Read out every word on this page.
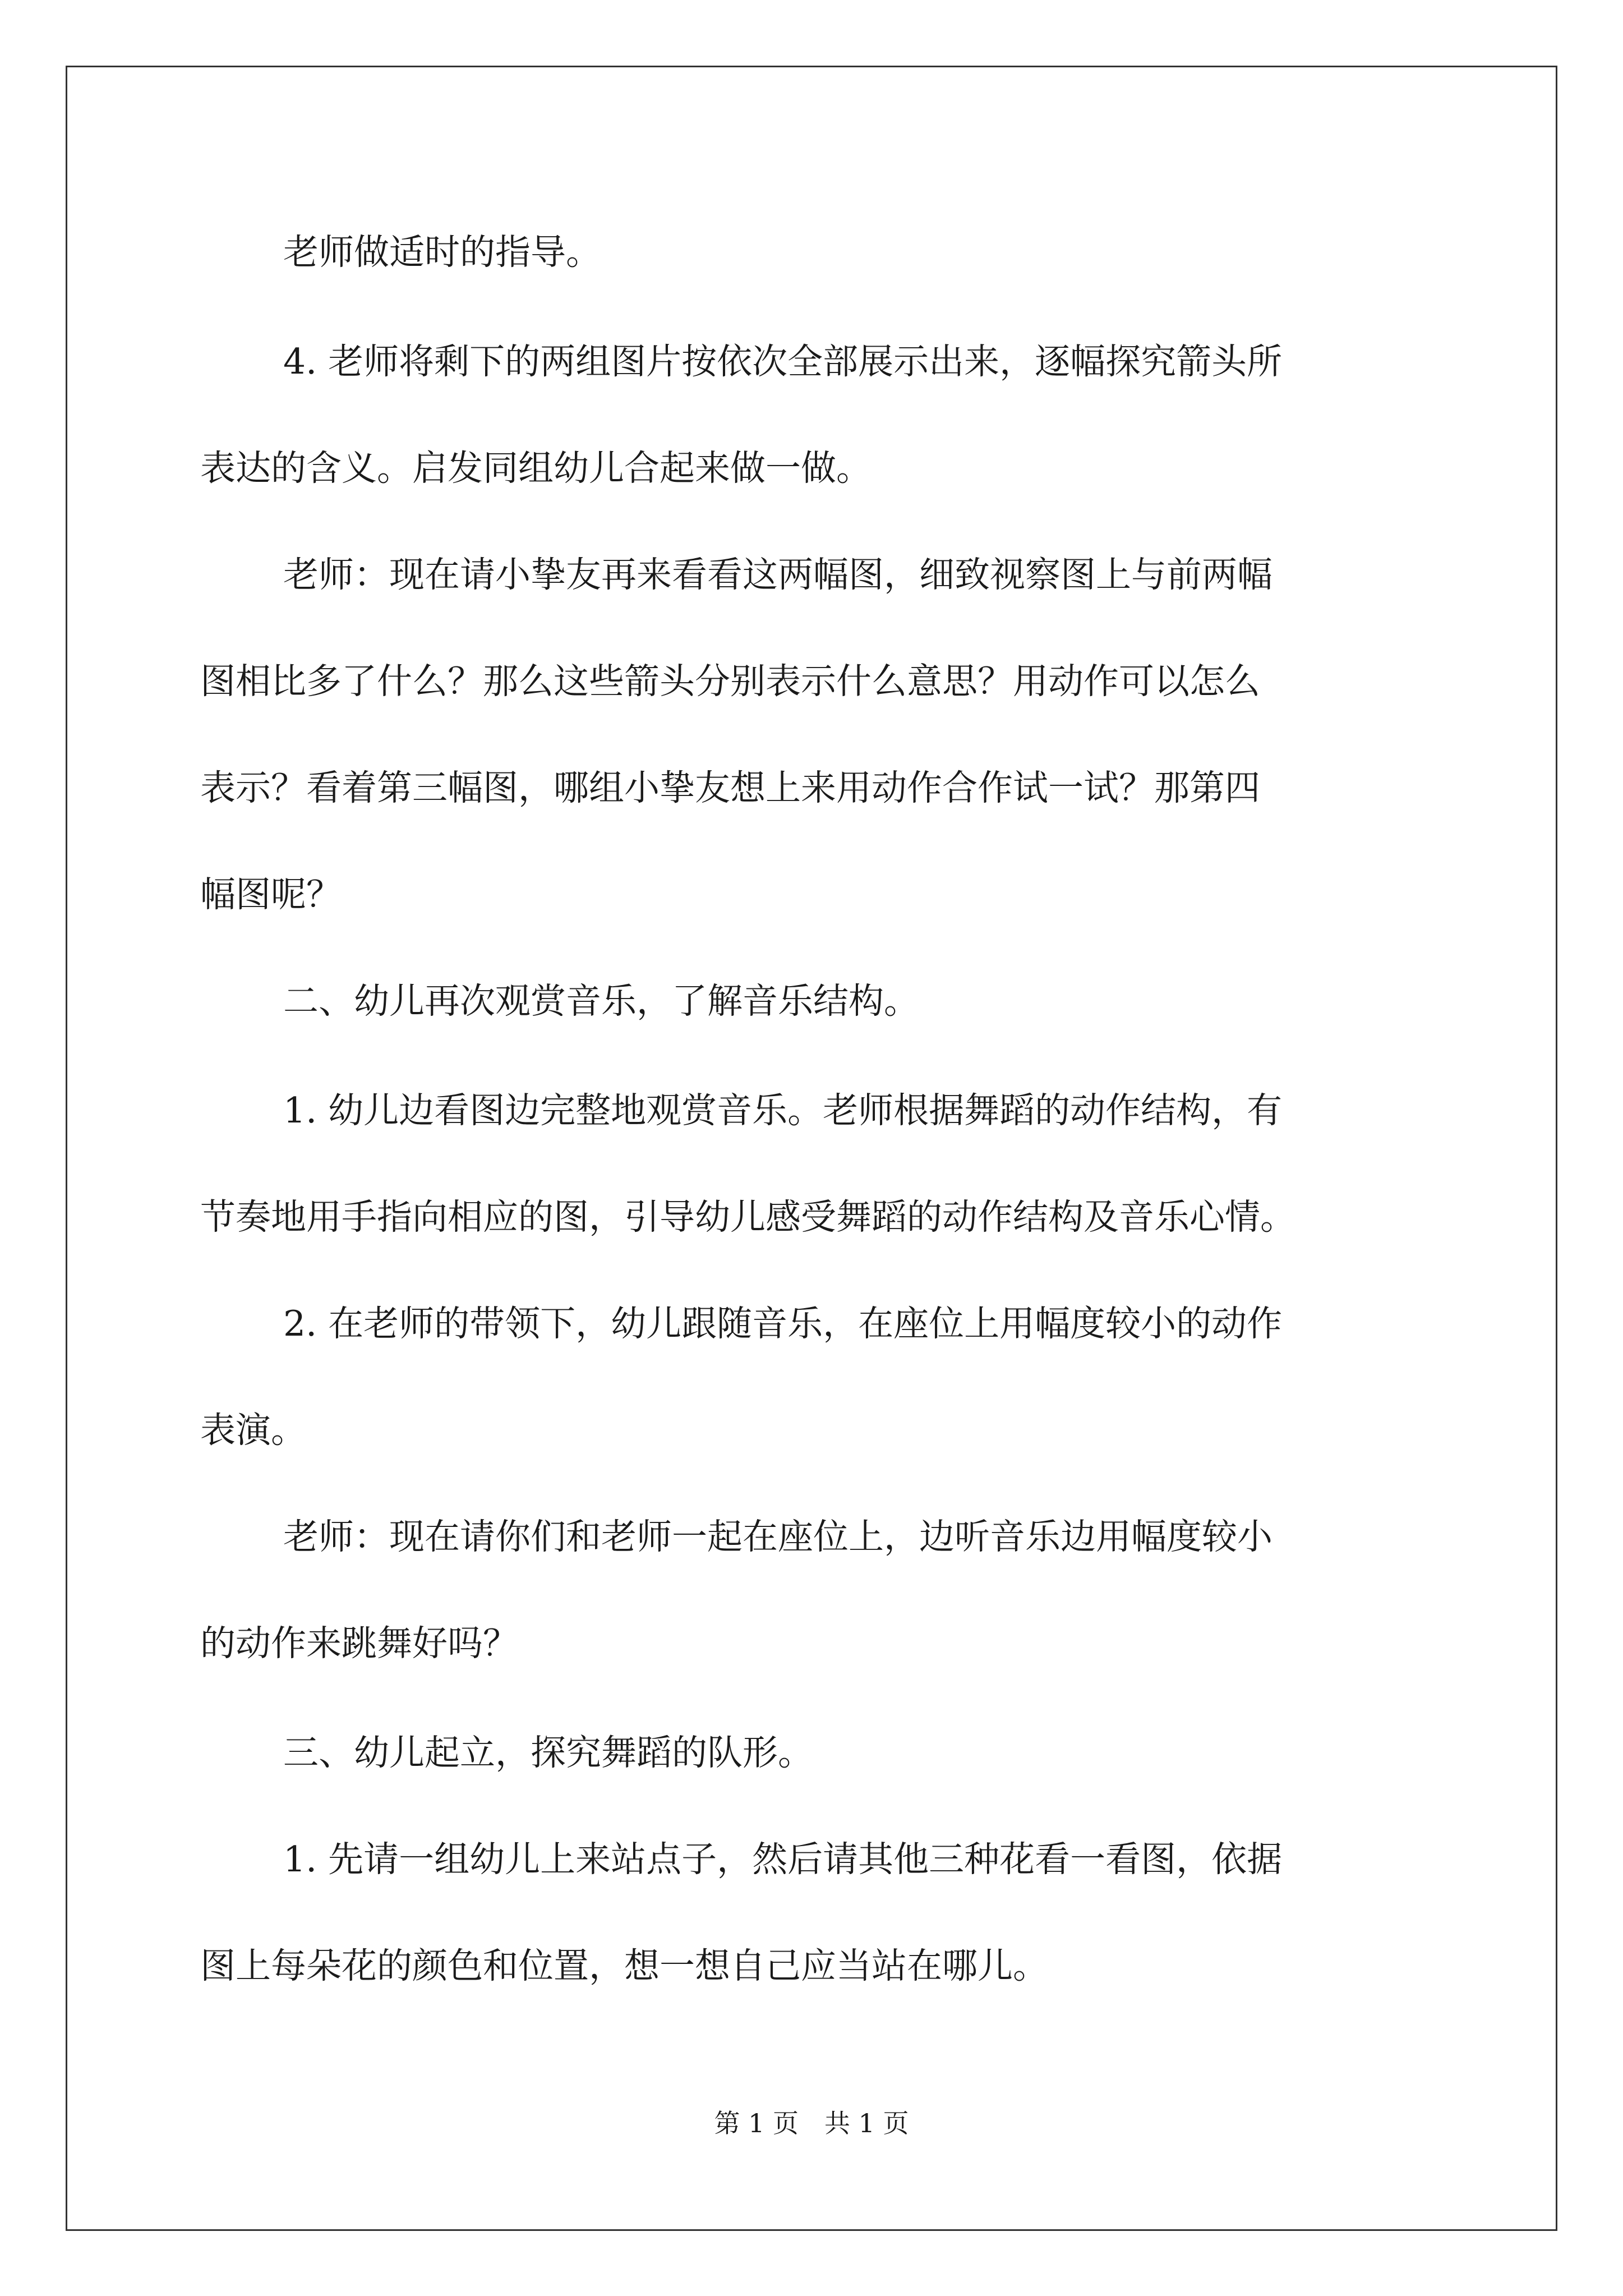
老师做适时的指导。

4. 老师将剩下的两组图片按依次全部展示出来，逐幅探究箭头所

表达的含义。启发同组幼儿合起来做一做。

老师：现在请小挚友再来看看这两幅图，细致视察图上与前两幅

图相比多了什么？那么这些箭头分别表示什么意思？用动作可以怎么

表示？看着第三幅图，哪组小挚友想上来用动作合作试一试？那第四

幅图呢？

二、幼儿再次观赏音乐，了解音乐结构。

1. 幼儿边看图边完整地观赏音乐。老师根据舞蹈的动作结构，有

节奏地用手指向相应的图，引导幼儿感受舞蹈的动作结构及音乐心情。

2. 在老师的带领下，幼儿跟随音乐，在座位上用幅度较小的动作

表演。

老师：现在请你们和老师一起在座位上，边听音乐边用幅度较小

的动作来跳舞好吗？

三、幼儿起立，探究舞蹈的队形。

1. 先请一组幼儿上来站点子，然后请其他三种花看一看图，依据

图上每朵花的颜色和位置，想一想自己应当站在哪儿。

第 1 页　共 1 页
